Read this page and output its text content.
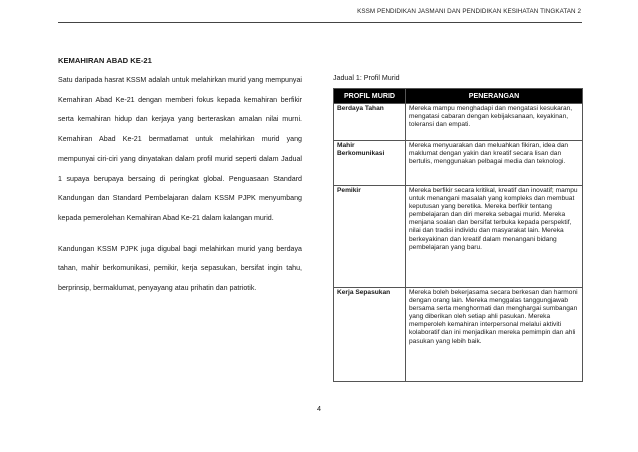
KSSM PENDIDIKAN JASMANI DAN PENDIDIKAN KESIHATAN TINGKATAN 2
KEMAHIRAN ABAD KE-21

Satu daripada hasrat KSSM adalah untuk melahirkan murid yang mempunyai Kemahiran Abad Ke-21 dengan memberi fokus kepada kemahiran berfikir serta kemahiran hidup dan kerjaya yang berteraskan amalan nilai murni. Kemahiran Abad Ke-21 bermatlamat untuk melahirkan murid yang mempunyai ciri-ciri yang dinyatakan dalam profil murid seperti dalam Jadual 1 supaya berupaya bersaing di peringkat global. Penguasaan Standard Kandungan dan Standard Pembelajaran dalam KSSM PJPK menyumbang kepada pemerolehan Kemahiran Abad Ke-21 dalam kalangan murid.

Kandungan KSSM PJPK juga digubal bagi melahirkan murid yang berdaya tahan, mahir berkomunikasi, pemikir, kerja sepasukan, bersifat ingin tahu, berprinsip, bermaklumat, penyayang atau prihatin dan patriotik.

Jadual 1: Profil Murid
PROFIL MURID	PENERANGAN
Berdaya Tahan	Mereka mampu menghadapi dan mengatasi kesukaran, mengatasi cabaran dengan kebijaksanaan, keyakinan, toleransi dan empati.
Mahir Berkomunikasi	Mereka menyuarakan dan meluahkan fikiran, idea dan maklumat dengan yakin dan kreatif secara lisan dan bertulis, menggunakan pelbagai media dan teknologi.
Pemikir	Mereka berfikir secara kritikal, kreatif dan inovatif; mampu untuk menangani masalah yang kompleks dan membuat keputusan yang beretika. Mereka berfikir tentang pembelajaran dan diri mereka sebagai murid. Mereka menjana soalan dan bersifat terbuka kepada perspektif, nilai dan tradisi individu dan masyarakat lain. Mereka berkeyakinan dan kreatif dalam menangani bidang pembelajaran yang baru.
Kerja Sepasukan	Mereka boleh bekerjasama secara berkesan dan harmoni dengan orang lain. Mereka menggalas tanggungjawab bersama serta menghormati dan menghargai sumbangan yang diberikan oleh setiap ahli pasukan. Mereka memperoleh kemahiran interpersonal melalui aktiviti kolaboratif dan ini menjadikan mereka pemimpin dan ahli pasukan yang lebih baik.
4
